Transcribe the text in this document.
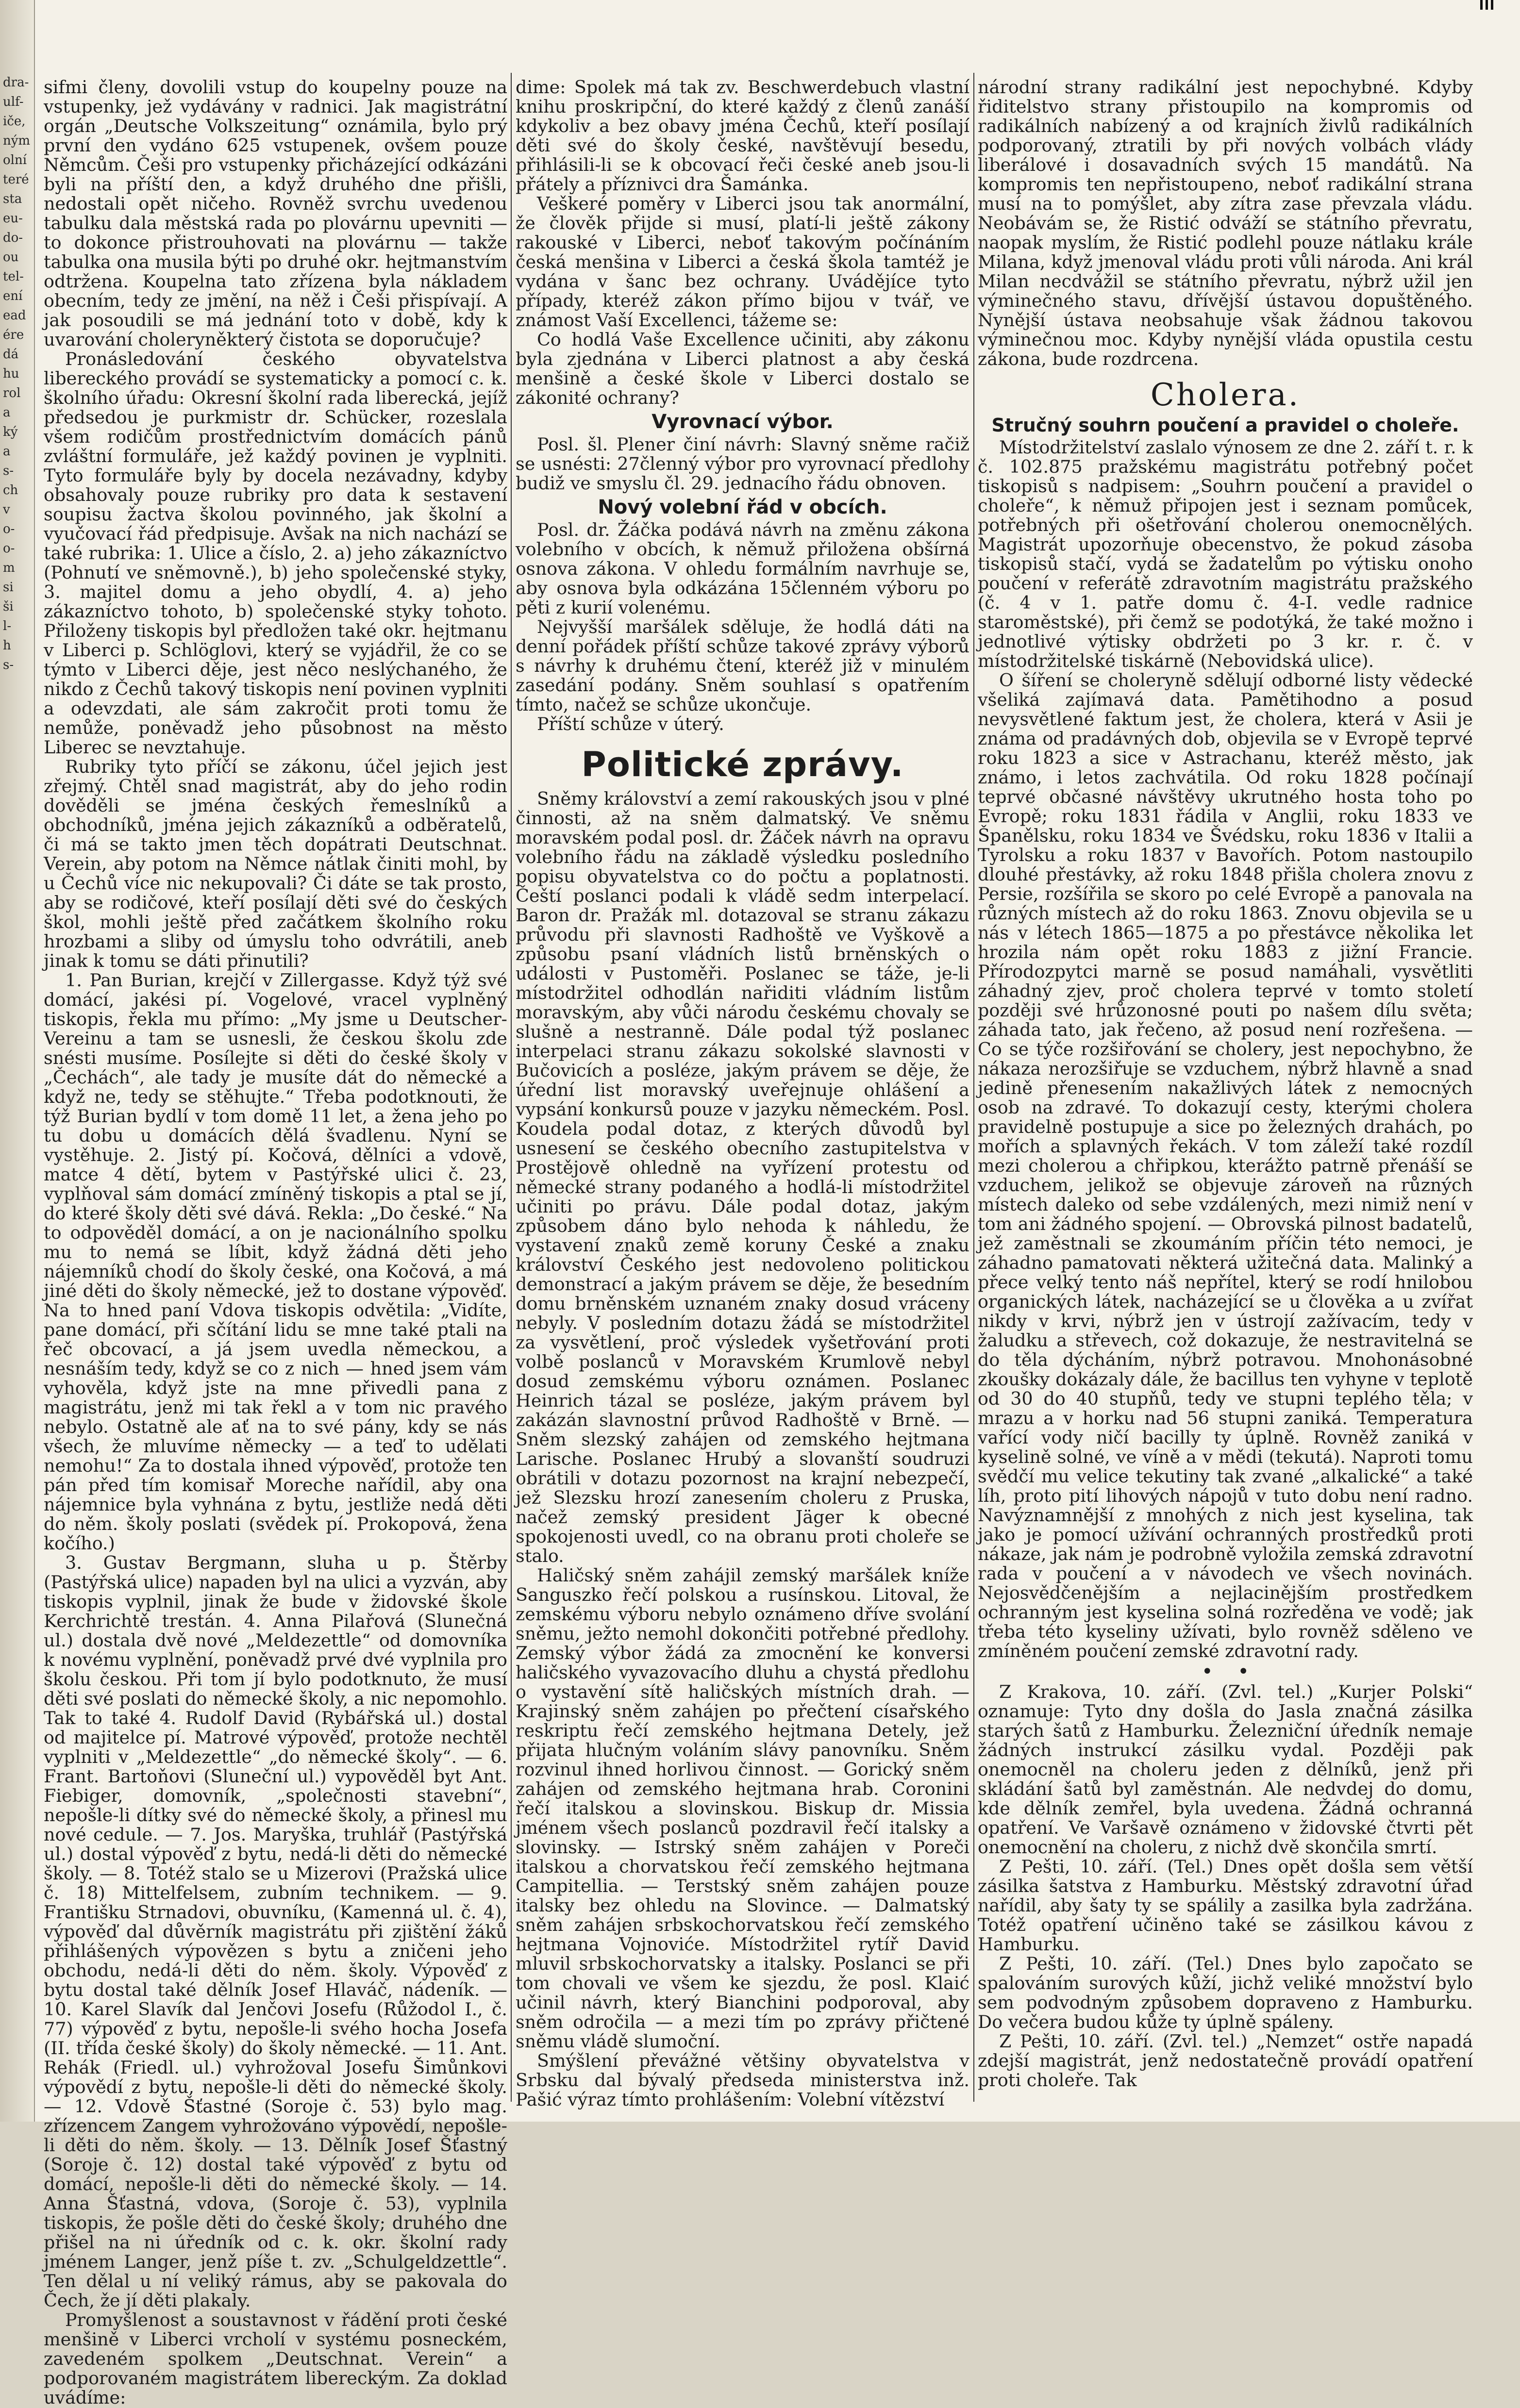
dra-
ulf-
iče,
ným
olní
teré
sta
eu-
do-
ou
tel-
ení
ead
ére
dá
hu
rol
a
ký
a
s-
ch
v
o-
o-
m
si
ši
l-
h
s-

sifmi členy, dovolili vstup do koupelny pouze na vstupenky, jež vydávány v radnici. Jak magistrátní orgán „Deutsche Volkszeitung“ oznámila, bylo prý první den vydáno 625 vstupenek, ovšem pouze Němcům. Češi pro vstupenky přicházející odkázáni byli na příští den, a když druhého dne přišli, nedostali opět ničeho. Rovněž svrchu uvedenou tabulku dala městská rada po plovárnu upevniti — to dokonce přistrouhovati na plovárnu — takže tabulka ona musila býti po druhé okr. hejtmanstvím odtržena. Koupelna tato zřízena byla nákladem obecním, tedy ze jmění, na něž i Češi přispívají. A jak posoudili se má jednání toto v době, kdy k uvarování choleryněkterý čistota se doporučuje?

Pronásledování českého obyvatelstva libereckého provádí se systematicky a pomocí c. k. školního úřadu: Okresní školní rada liberecká, jejíž předsedou je purkmistr dr. Schücker, rozeslala všem rodičům prostřednictvím domácích pánů zvláštní formuláře, jež každý povinen je vyplniti. Tyto formuláře byly by docela nezávadny, kdyby obsahovaly pouze rubriky pro data k sestavení soupisu žactva školou povinného, jak školní a vyučovací řád předpisuje. Avšak na nich nachází se také rubrika: 1. Ulice a číslo, 2. a) jeho zákazníctvo (Pohnutí ve sněmovně.), b) jeho společenské styky, 3. majitel domu a jeho obydlí, 4. a) jeho zákazníctvo tohoto, b) společenské styky tohoto. Přiloženy tiskopis byl předložen také okr. hejtmanu v Liberci p. Schlöglovi, který se vyjádřil, že co se týmto v Liberci děje, jest něco neslýchaného, že nikdo z Čechů takový tiskopis není povinen vyplniti a odevzdati, ale sám zakročit proti tomu že nemůže, poněvadž jeho působnost na město Liberec se nevztahuje.

Rubriky tyto příčí se zákonu, účel jejich jest zřejmý. Chtěl snad magistrát, aby do jeho rodin dověděli se jména českých řemeslníků a obchodníků, jména jejich zákazníků a odběratelů, či má se takto jmen těch dopátrati Deutschnat. Verein, aby potom na Němce nátlak činiti mohl, by u Čechů více nic nekupovali? Či dáte se tak prosto, aby se rodičové, kteří posílají děti své do českých škol, mohli ještě před začátkem školního roku hrozbami a sliby od úmyslu toho odvrátili, aneb jinak k tomu se dáti přinutili?

1. Pan Burian, krejčí v Zillergasse. Když týž své domácí, jakési pí. Vogelové, vracel vyplněný tiskopis, řekla mu přímo: „My jsme u Deutscher-Vereinu a tam se usnesli, že českou školu zde snésti musíme. Posílejte si děti do české školy v „Čechách“, ale tady je musíte dát do německé a když ne, tedy se stěhujte.“ Třeba podotknouti, že týž Burian bydlí v tom domě 11 let, a žena jeho po tu dobu u domácích dělá švadlenu. Nyní se vystěhuje. 2. Jistý pí. Kočová, dělníci a vdově, matce 4 dětí, bytem v Pastýřské ulici č. 23, vyplňoval sám domácí zmíněný tiskopis a ptal se jí, do které školy děti své dává. Rekla: „Do české.“ Na to odpověděl domácí, a on je nacionálního spolku mu to nemá se líbit, když žádná děti jeho nájemníků chodí do školy české, ona Kočová, a má jiné děti do školy německé, jež to dostane výpověď. Na to hned paní Vdova tiskopis odvětila: „Vidíte, pane domácí, při sčítání lidu se mne také ptali na řeč obcovací, a já jsem uvedla německou, a nesnáším tedy, když se co z nich — hned jsem vám vyhověla, když jste na mne přivedli pana z magistrátu, jenž mi tak řekl a v tom nic pravého nebylo. Ostatně ale ať na to své pány, kdy se nás všech, že mluvíme německy — a teď to udělati nemohu!“ Za to dostala ihned výpověď, protože ten pán před tím komisař Moreche nařídil, aby ona nájemnice byla vyhnána z bytu, jestliže nedá děti do něm. školy poslati (svědek pí. Prokopová, žena kočího.)

3. Gustav Bergmann, sluha u p. Štěrby (Pastýřská ulice) napaden byl na ulici a vyzván, aby tiskopis vyplnil, jinak že bude v židovské škole Kerchrichtě trestán. 4. Anna Pilařová (Slunečná ul.) dostala dvě nové „Meldezettle“ od domovníka k novému vyplnění, poněvadž prvé dvé vyplnila pro školu českou. Při tom jí bylo podotknuto, že musí děti své poslati do německé školy, a nic nepomohlo. Tak to také 4. Rudolf David (Rybářská ul.) dostal od majitelce pí. Matrové výpověď, protože nechtěl vyplniti v „Meldezettle“ „do německé školy“. — 6. Frant. Bartoňovi (Sluneční ul.) vypověděl byt Ant. Fiebiger, domovník, „společnosti stavební“, nepošle-li dítky své do německé školy, a přinesl mu nové cedule. — 7. Jos. Maryška, truhlář (Pastýřská ul.) dostal výpověď z bytu, nedá-li děti do německé školy. — 8. Totéž stalo se u Mizerovi (Pražská ulice č. 18) Mittelfelsem, zubním technikem. — 9. Františku Strnadovi, obuvníku, (Kamenná ul. č. 4), výpověď dal důvěrník magistrátu při zjištění žáků přihlášených výpovězen s bytu a zničeni jeho obchodu, nedá-li děti do něm. školy. Výpověď z bytu dostal také dělník Josef Hlaváč, nádeník. — 10. Karel Slavík dal Jenčovi Josefu (Růžodol I., č. 77) výpověď z bytu, nepošle-li svého hocha Josefa (II. třída české školy) do školy německé. — 11. Ant. Rehák (Friedl. ul.) vyhrožoval Josefu Šimůnkovi výpovědí z bytu, nepošle-li děti do německé školy. — 12. Vdově Šťastné (Soroje č. 53) bylo mag. zřízencem Zangem vyhrožováno výpovědí, nepošle-li děti do něm. školy. — 13. Dělník Josef Šťastný (Soroje č. 12) dostal také výpověď z bytu od domácí, nepošle-li děti do německé školy. — 14. Anna Šťastná, vdova, (Soroje č. 53), vyplnila tiskopis, že pošle děti do české školy; druhého dne přišel na ni úředník od c. k. okr. školní rady jménem Langer, jenž píše t. zv. „Schulgeldzettle“. Ten dělal u ní veliký rámus, aby se pakovala do Čech, že jí děti plakaly.

Promyšlenost a soustavnost v řádění proti české menšině v Liberci vrcholí v systému posneckém, zavedeném spolkem „Deutschnat. Verein“ a podporovaném magistrátem libereckým. Za doklad uvádíme:

dime: Spolek má tak zv. Beschwerdebuch vlastní knihu proskripční, do které každý z členů zanáší kdykoliv a bez obavy jména Čechů, kteří posílají děti své do školy české, navštěvují besedu, přihlásili-li se k obcovací řeči české aneb jsou-li přátely a příznivci dra Šamánka.

Veškeré poměry v Liberci jsou tak anormální, že člověk přijde si musí, platí-li ještě zákony rakouské v Liberci, neboť takovým počínáním česká menšina v Liberci a česká škola tamtéž je vydána v šanc bez ochrany. Uvádějíce tyto případy, kteréž zákon přímo bijou v tvář, ve známost Vaší Excellenci, tážeme se:

Co hodlá Vaše Excellence učiniti, aby zákonu byla zjednána v Liberci platnost a aby česká menšině a české škole v Liberci dostalo se zákonité ochrany?

Vyrovnací výbor.

Posl. šl. Plener činí návrh: Slavný sněme račiž se usnésti: 27členný výbor pro vyrovnací předlohy budiž ve smyslu čl. 29. jednacího řádu obnoven.

Nový volební řád v obcích.

Posl. dr. Žáčka podává návrh na změnu zákona volebního v obcích, k němuž přiložena obšírná osnova zákona. V ohledu formálním navrhuje se, aby osnova byla odkázána 15členném výboru po pěti z kurií volenému.

Nejvyšší maršálek sděluje, že hodlá dáti na denní pořádek příští schůze takové zprávy výborů s návrhy k druhému čtení, kteréž již v minulém zasedání podány. Sněm souhlasí s opatřením tímto, načež se schůze ukončuje.

Příští schůze v úterý.

Politické zprávy.

Sněmy království a zemí rakouských jsou v plné činnosti, až na sněm dalmatský. Ve sněmu moravském podal posl. dr. Žáček návrh na opravu volebního řádu na základě výsledku posledního popisu obyvatelstva co do počtu a poplatnosti. Čeští poslanci podali k vládě sedm interpelací. Baron dr. Pražák ml. dotazoval se stranu zákazu průvodu při slavnosti Radhoště ve Vyškově a způsobu psaní vládních listů brněnských o události v Pustoměři. Poslanec se táže, je-li místodržitel odhodlán nařiditi vládním listům moravským, aby vůči národu českému chovaly se slušně a nestranně. Dále podal týž poslanec interpelaci stranu zákazu sokolské slavnosti v Bučovicích a posléze, jakým právem se děje, že úřední list moravský uveřejnuje ohlášení a vypsání konkursů pouze v jazyku německém. Posl. Koudela podal dotaz, z kterých důvodů byl usnesení se českého obecního zastupitelstva v Prostějově ohledně na vyřízení protestu od německé strany podaného a hodlá-li místodržitel učiniti po právu. Dále podal dotaz, jakým způsobem dáno bylo nehoda k náhledu, že vystavení znaků země koruny České a znaku království Českého jest nedovoleno politickou demonstrací a jakým právem se děje, že besedním domu brněnském uznaném znaky dosud vráceny nebyly. V posledním dotazu žádá se místodržitel za vysvětlení, proč výsledek vyšetřování proti volbě poslanců v Moravském Krumlově nebyl dosud zemskému výboru oznámen. Poslanec Heinrich tázal se posléze, jakým právem byl zakázán slavnostní průvod Radhoště v Brně. — Sněm slezský zahájen od zemského hejtmana Larische. Poslanec Hrubý a slovanští soudruzi obrátili v dotazu pozornost na krajní nebezpečí, jež Slezsku hrozí zanesením choleru z Pruska, načež zemský president Jäger k obecné spokojenosti uvedl, co na obranu proti choleře se stalo.

Haličský sněm zahájil zemský maršálek kníže Sanguszko řečí polskou a rusínskou. Litoval, že zemskému výboru nebylo oznámeno dříve svolání sněmu, ježto nemohl dokončiti potřebné předlohy. Zemský výbor žádá za zmocnění ke konversi haličského vyvazovacího dluhu a chystá předlohu o vystavění sítě haličských místních drah. — Krajinský sněm zahájen po přečtení císařského reskriptu řečí zemského hejtmana Detely, jež přijata hlučným voláním slávy panovníku. Sněm rozvinul ihned horlivou činnost. — Gorický sněm zahájen od zemského hejtmana hrab. Coronini řečí italskou a slovinskou. Biskup dr. Missia jménem všech poslanců pozdravil řečí italsky a slovinsky. — Istrský sněm zahájen v Poreči italskou a chorvatskou řečí zemského hejtmana Campitellia. — Terstský sněm zahájen pouze italsky bez ohledu na Slovince. — Dalmatský sněm zahájen srbskochorvatskou řečí zemského hejtmana Vojnoviće. Místodržitel rytíř David mluvil srbskochorvatsky a italsky. Poslanci se při tom chovali ve všem ke sjezdu, že posl. Klaić učinil návrh, který Bianchini podporoval, aby sněm odročila — a mezi tím po zprávy přičtené sněmu vládě slumoční.

Smýšlení převážné většiny obyvatelstva v Srbsku dal bývalý předseda ministerstva inž. Pašić výraz tímto prohlášením: Volební vítězství

národní strany radikální jest nepochybné. Kdyby řiditelstvo strany přistoupilo na kompromis od radikálních nabízený a od krajních živlů radikálních podporovaný, ztratili by při nových volbách vlády liberálové i dosavadních svých 15 mandátů. Na kompromis ten nepřistoupeno, neboť radikální strana musí na to pomýšlet, aby zítra zase převzala vládu. Neobávám se, že Ristić odváží se státního převratu, naopak myslím, že Ristić podlehl pouze nátlaku krále Milana, když jmenoval vládu proti vůli národa. Ani král Milan necdvážil se státního převratu, nýbrž užil jen výminečného stavu, dřívější ústavou dopuštěného. Nynější ústava neobsahuje však žádnou takovou výminečnou moc. Kdyby nynější vláda opustila cestu zákona, bude rozdrcena.

Cholera.
Stručný souhrn poučení a pravidel o choleře.

Místodržitelství zaslalo výnosem ze dne 2. září t. r. k č. 102.875 pražskému magistrátu potřebný počet tiskopisů s nadpisem: „Souhrn poučení a pravidel o choleře“, k němuž připojen jest i seznam pomůcek, potřebných při ošetřování cholerou onemocnělých. Magistrát upozorňuje obecenstvo, že pokud zásoba tiskopisů stačí, vydá se žadatelům po výtisku onoho poučení v referátě zdravotním magistrátu pražského (č. 4 v 1. patře domu č. 4-I. vedle radnice staroměstské), při čemž se podotýká, že také možno i jednotlivé výtisky obdržeti po 3 kr. r. č. v místodržitelské tiskárně (Nebovidská ulice).

O šíření se choleryně sdělují odborné listy vědecké všeliká zajímavá data. Pamětihodno a posud nevysvětlené faktum jest, že cholera, která v Asii je známa od pradávných dob, objevila se v Evropě teprvé roku 1823 a sice v Astrachanu, kteréž město, jak známo, i letos zachvátila. Od roku 1828 počínají teprvé občasné návštěvy ukrutného hosta toho po Evropě; roku 1831 řádila v Anglii, roku 1833 ve Španělsku, roku 1834 ve Švédsku, roku 1836 v Italii a Tyrolsku a roku 1837 v Bavořích. Potom nastoupilo dlouhé přestávky, až roku 1848 přišla cholera znovu z Persie, rozšířila se skoro po celé Evropě a panovala na různých místech až do roku 1863. Znovu objevila se u nás v létech 1865—1875 a po přestávce několika let hrozila nám opět roku 1883 z jižní Francie. Přírodozpytci marně se posud namáhali, vysvětliti záhadný zjev, proč cholera teprvé v tomto století později své hrůzonosné pouti po našem dílu světa; záhada tato, jak řečeno, až posud není rozřešena. — Co se týče rozšiřování se cholery, jest nepochybno, že nákaza nerozšiřuje se vzduchem, nýbrž hlavně a snad jedině přenesením nakažlivých látek z nemocných osob na zdravé. To dokazují cesty, kterými cholera pravidelně postupuje a sice po železných drahách, po mořích a splavných řekách. V tom záleží také rozdíl mezi cholerou a chřipkou, kterážto patrně přenáší se vzduchem, jelikož se objevuje zároveň na různých místech daleko od sebe vzdálených, mezi nimiž není v tom ani žádného spojení. — Obrovská pilnost badatelů, jež zaměstnali se zkoumáním příčin této nemoci, je záhadno pamatovati některá užitečná data. Malinký a přece velký tento náš nepřítel, který se rodí hnilobou organických látek, nacházející se u člověka a u zvířat nikdy v krvi, nýbrž jen v ústrojí zažívacím, tedy v žaludku a střevech, což dokazuje, že nestravitelná se do těla dýcháním, nýbrž potravou. Mnohonásobné zkoušky dokázaly dále, že bacillus ten vyhyne v teplotě od 30 do 40 stupňů, tedy ve stupni teplého těla; v mrazu a v horku nad 56 stupni zaniká. Temperatura vařící vody ničí bacilly ty úplně. Rovněž zaniká v kyselině solné, ve víně a v mědi (tekutá). Naproti tomu svědčí mu velice tekutiny tak zvané „alkalické“ a také líh, proto pití lihových nápojů v tuto dobu není radno. Navýznamnější z mnohých z nich jest kyselina, tak jako je pomocí užívání ochranných prostředků proti nákaze, jak nám je podrobně vyložila zemská zdravotní rada v poučení a v návodech ve všech novinách. Nejosvědčenějším a nejlacinějším prostředkem ochranným jest kyselina solná rozředěna ve vodě; jak třeba této kyseliny užívati, bylo rovněž sděleno ve zmíněném poučení zemské zdravotní rady.

•    •

Z Krakova, 10. září. (Zvl. tel.) „Kurjer Polski“ oznamuje: Tyto dny došla do Jasla značná zásilka starých šatů z Hamburku. Železniční úředník nemaje žádných instrukcí zásilku vydal. Později pak onemocněl na choleru jeden z dělníků, jenž při skládání šatů byl zaměstnán. Ale nedvdej do domu, kde dělník zemřel, byla uvedena. Žádná ochranná opatření. Ve Varšavě oznámeno v židovské čtvrti pět onemocnění na choleru, z nichž dvě skončila smrtí.

Z Pešti, 10. září. (Tel.) Dnes opět došla sem větší zásilka šatstva z Hamburku. Městský zdravotní úřad nařídil, aby šaty ty se spálily a zasilka byla zadržána. Totéž opatření učiněno také se zásilkou kávou z Hamburku.

Z Pešti, 10. září. (Tel.) Dnes bylo započato se spalováním surových kůží, jichž veliké množství bylo sem podvodným způsobem dopraveno z Hamburku. Do večera budou kůže ty úplně spáleny.

Z Pešti, 10. září. (Zvl. tel.) „Nemzet“ ostře napadá zdejší magistrát, jenž nedostatečně provádí opatření proti choleře. Tak
